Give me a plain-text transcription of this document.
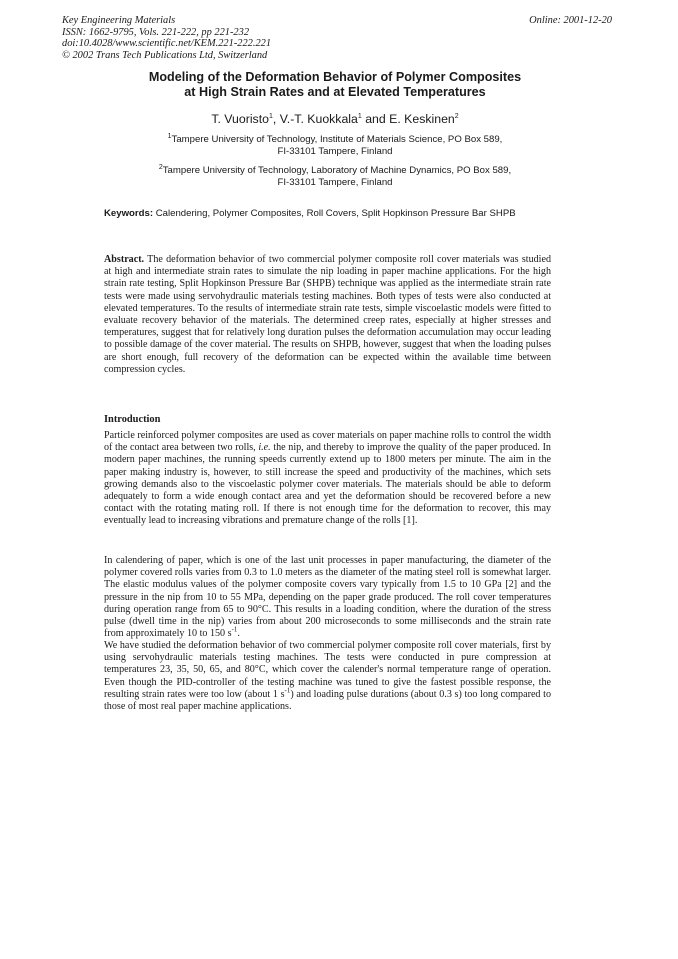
Key Engineering Materials
ISSN: 1662-9795, Vols. 221-222, pp 221-232
doi:10.4028/www.scientific.net/KEM.221-222.221
© 2002 Trans Tech Publications Ltd, Switzerland
Online: 2001-12-20
Modeling of the Deformation Behavior of Polymer Composites
at High Strain Rates and at Elevated Temperatures
T. Vuoristo$^1$, V.-T. Kuokkala$^1$ and E. Keskinen$^2$
$^1$Tampere University of Technology, Institute of Materials Science, PO Box 589,
FI-33101 Tampere, Finland
$^2$Tampere University of Technology, Laboratory of Machine Dynamics, PO Box 589,
FI-33101 Tampere, Finland
Keywords: Calendering, Polymer Composites, Roll Covers, Split Hopkinson Pressure Bar SHPB
Abstract. The deformation behavior of two commercial polymer composite roll cover materials was studied at high and intermediate strain rates to simulate the nip loading in paper machine applications. For the high strain rate testing, Split Hopkinson Pressure Bar (SHPB) technique was applied as the intermediate strain rate tests were made using servohydraulic materials testing machines. Both types of tests were also conducted at elevated temperatures. To the results of intermediate strain rate tests, simple viscoelastic models were fitted to evaluate recovery behavior of the materials. The determined creep rates, especially at higher stresses and temperatures, suggest that for relatively long duration pulses the deformation accumulation may occur leading to possible damage of the cover material. The results on SHPB, however, suggest that when the loading pulses are short enough, full recovery of the deformation can be expected within the available time between compression cycles.
Introduction
Particle reinforced polymer composites are used as cover materials on paper machine rolls to control the width of the contact area between two rolls, i.e. the nip, and thereby to improve the quality of the paper produced. In modern paper machines, the running speeds currently extend up to 1800 meters per minute. The aim in the paper making industry is, however, to still increase the speed and productivity of the machines, which sets growing demands also to the viscoelastic polymer cover materials. The materials should be able to deform adequately to form a wide enough contact area and yet the deformation should be recovered before a new contact with the rotating mating roll. If there is not enough time for the deformation to recover, this may eventually lead to increasing vibrations and premature change of the rolls [1].
In calendering of paper, which is one of the last unit processes in paper manufacturing, the diameter of the polymer covered rolls varies from 0.3 to 1.0 meters as the diameter of the mating steel roll is somewhat larger. The elastic modulus values of the polymer composite covers vary typically from 1.5 to 10 GPa [2] and the pressure in the nip from 10 to 55 MPa, depending on the paper grade produced. The roll cover temperatures during operation range from 65 to 90°C. This results in a loading condition, where the duration of the stress pulse (dwell time in the nip) varies from about 200 microseconds to some milliseconds and the strain rate from approximately 10 to 150 $s^{-1}$.
We have studied the deformation behavior of two commercial polymer composite roll cover materials, first by using servohydraulic materials testing machines. The tests were conducted in pure compression at temperatures 23, 35, 50, 65, and 80°C, which cover the calender's normal temperature range of operation. Even though the PID-controller of the testing machine was tuned to give the fastest possible response, the resulting strain rates were too low (about 1 $s^{-1}$) and loading pulse durations (about 0.3 s) too long compared to those of most real paper machine applications.
